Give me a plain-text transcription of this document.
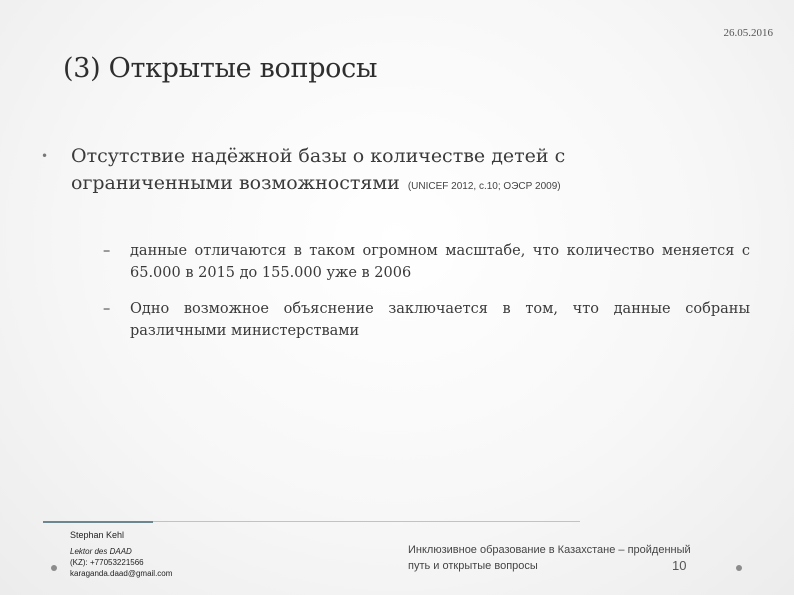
26.05.2016
(3) Открытые вопросы
•	Отсутствие надёжной базы о количестве детей с ограниченными возможностями (UNICEF 2012, с.10; ОЭСР 2009)
–	данные отличаются в таком огромном масштабе, что количество меняется с 65.000 в 2015 до 155.000 уже в 2006
–	Одно возможное объяснение заключается в том, что данные собраны различными министерствами
Stephan Kehl
Lektor des DAAD
(KZ): +77053221566
karaganda.daad@gmail.com
Инклюзивное образование в Казахстане – пройденный путь и открытые вопросы	10
